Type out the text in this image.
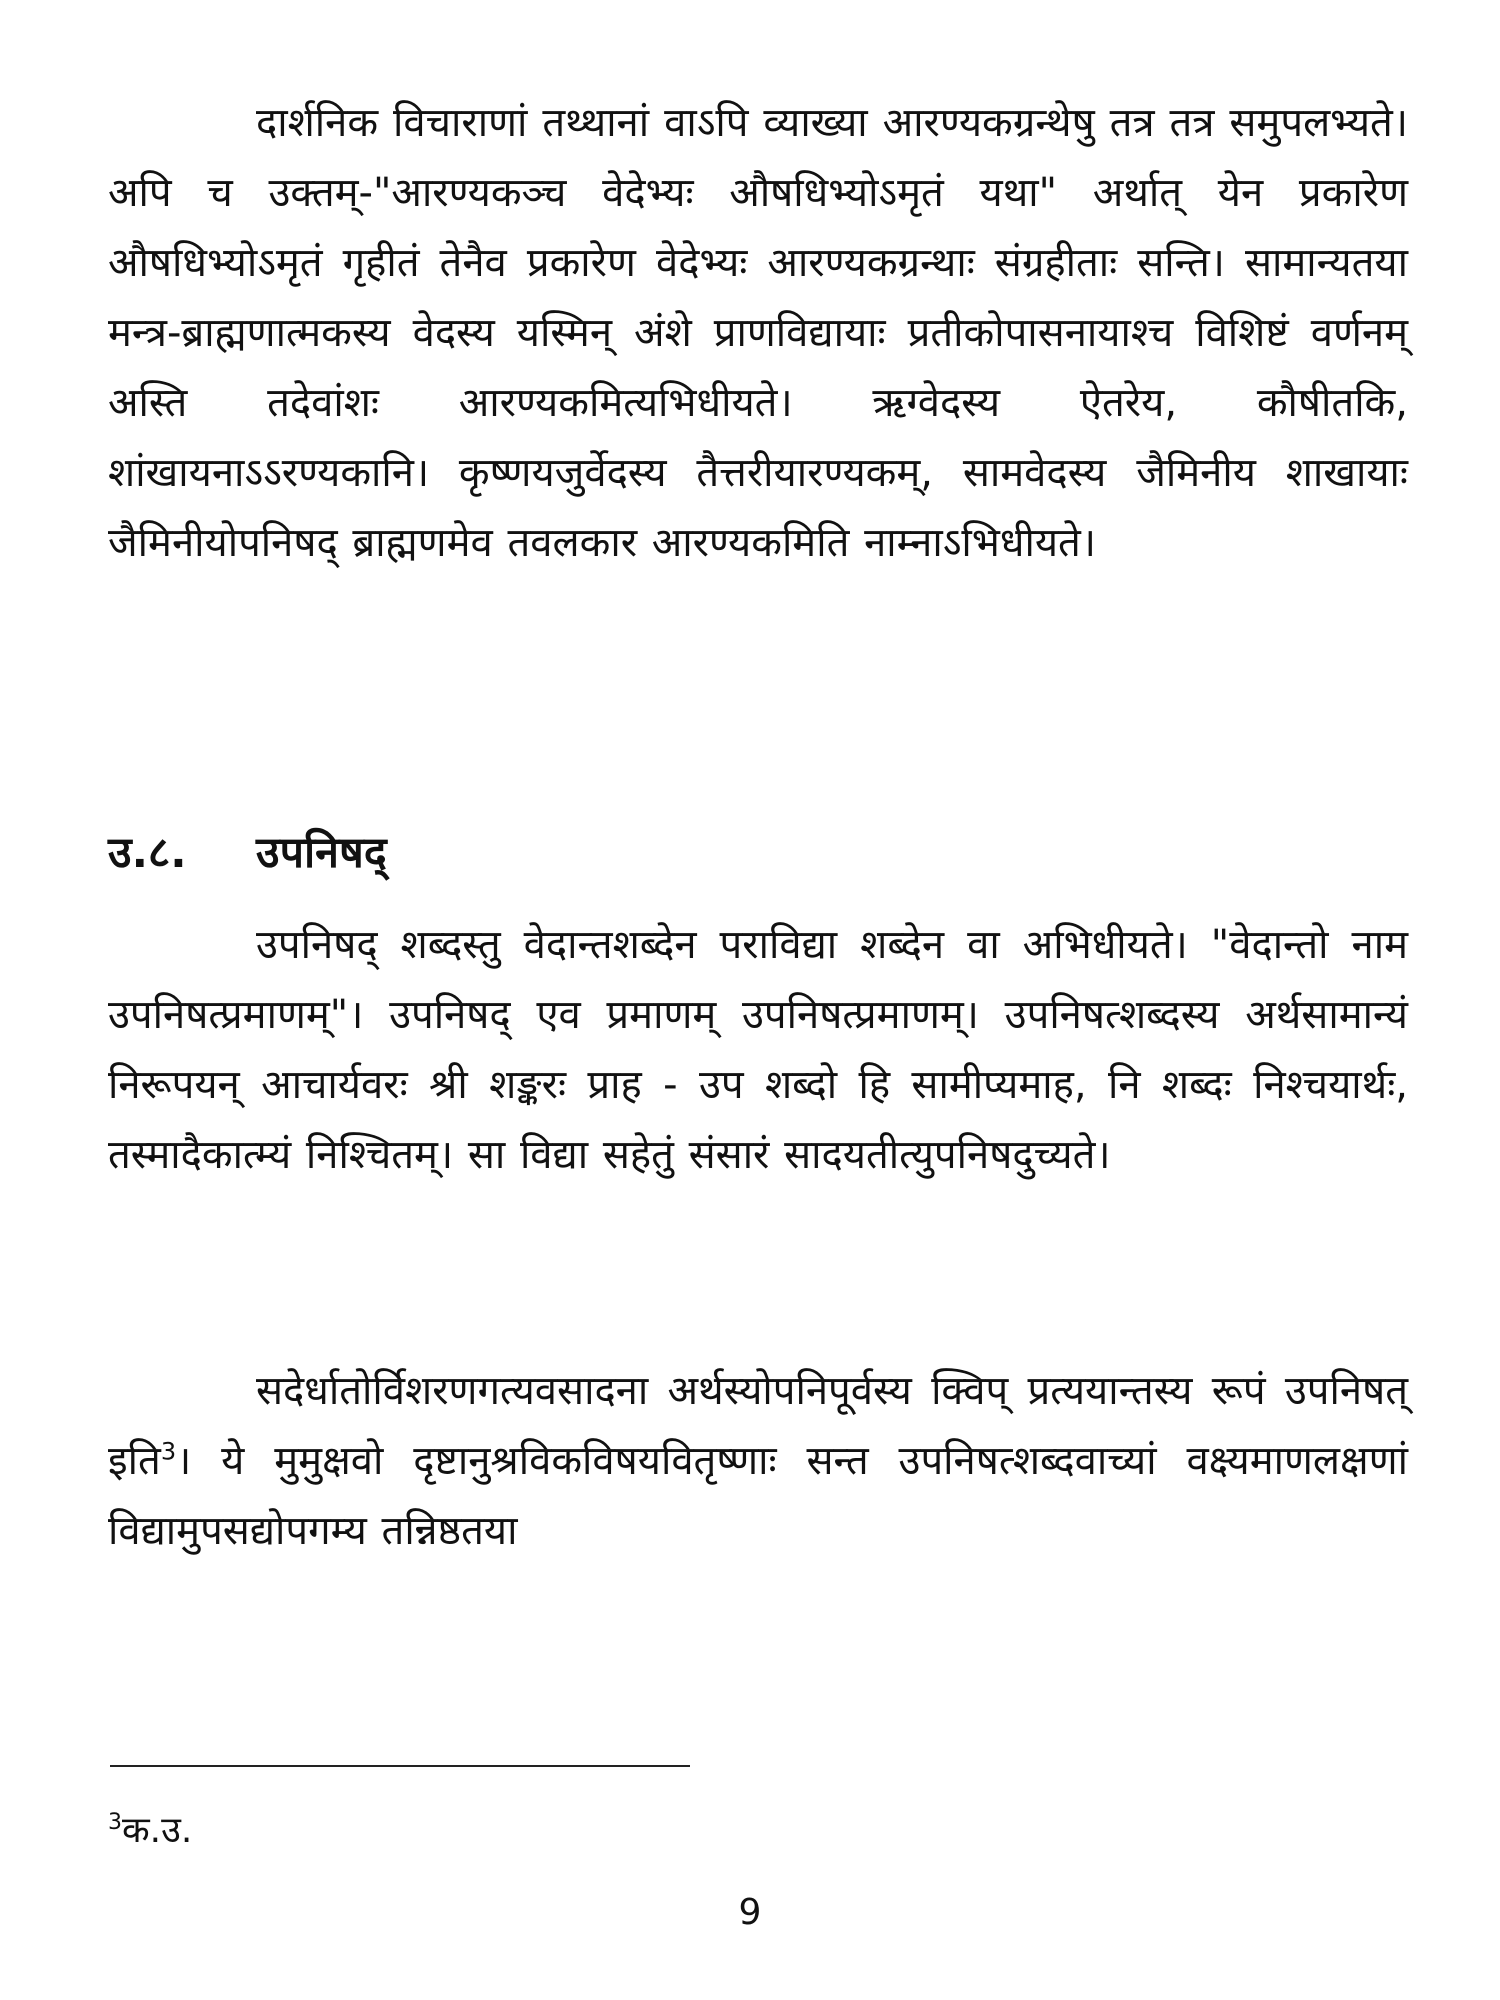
दार्शनिक विचाराणां तथ्थानां वाऽपि व्याख्या आरण्यकग्रन्थेषु तत्र तत्र समुपलभ्यते। अपि च उक्तम्-"आरण्यकञ्च वेदेभ्यः औषधिभ्योऽमृतं यथा" अर्थात् येन प्रकारेण औषधिभ्योऽमृतं गृहीतं तेनैव प्रकारेण वेदेभ्यः आरण्यकग्रन्थाः संग्रहीताः सन्ति। सामान्यतया मन्त्र-ब्राह्मणात्मकस्य वेदस्य यस्मिन् अंशे प्राणविद्यायाः प्रतीकोपासनायाश्च विशिष्टं वर्णनम् अस्ति तदेवांशः आरण्यकमित्यभिधीयते। ऋग्वेदस्य ऐतरेय, कौषीतकि, शांखायनाऽऽरण्यकानि। कृष्णयजुर्वेदस्य तैत्तरीयारण्यकम्, सामवेदस्य जैमिनीय शाखायाः जैमिनीयोपनिषद् ब्राह्मणमेव तवलकार आरण्यकमिति नाम्नाऽभिधीयते।

उ.८. उपनिषद्

उपनिषद् शब्दस्तु वेदान्तशब्देन पराविद्या शब्देन वा अभिधीयते। "वेदान्तो नाम उपनिषत्प्रमाणम्"। उपनिषद् एव प्रमाणम् उपनिषत्प्रमाणम्। उपनिषत्शब्दस्य अर्थसामान्यं निरूपयन् आचार्यवरः श्री शङ्करः प्राह - उप शब्दो हि सामीप्यमाह, नि शब्दः निश्चयार्थः, तस्मादैकात्म्यं निश्चितम्। सा विद्या सहेतुं संसारं सादयतीत्युपनिषदुच्यते।

सदेर्धातोर्विशरणगत्यवसादना अर्थस्योपनिपूर्वस्य क्विप् प्रत्ययान्तस्य रूपं उपनिषत् इति$^3$। ये मुमुक्षवो दृष्टानुश्रविकविषयवितृष्णाः सन्त उपनिषत्शब्दवाच्यां वक्ष्यमाणलक्षणां विद्यामुपसद्योपगम्य तन्निष्ठतया

$^3$क.उ.

9
